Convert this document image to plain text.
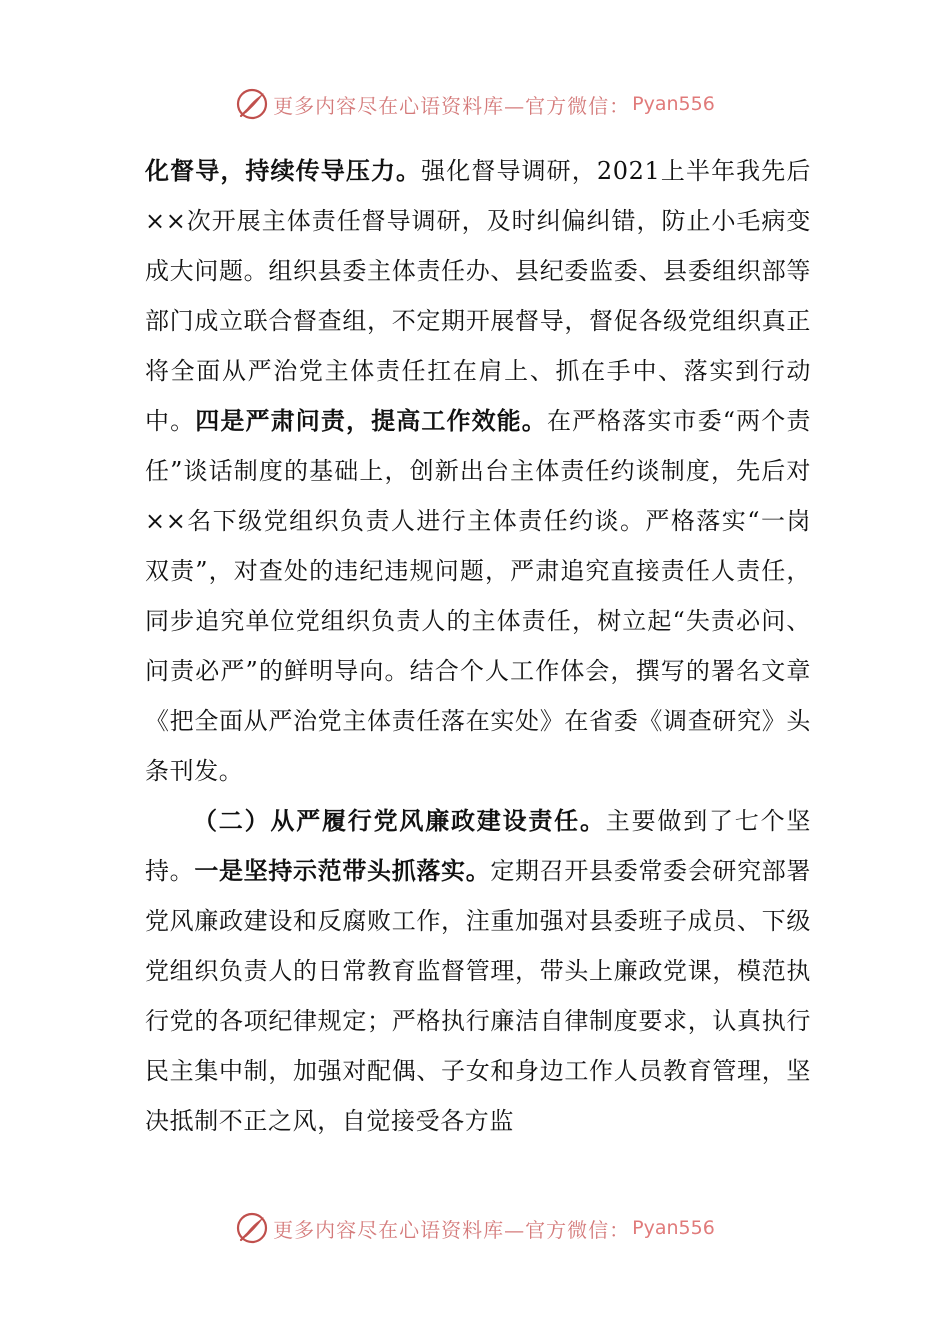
更多内容尽在心语资料库—官方微信： Pyan556

化督导，持续传导压力。强化督导调研，2021上半年我先后××次开展主体责任督导调研，及时纠偏纠错，防止小毛病变成大问题。组织县委主体责任办、县纪委监委、县委组织部等部门成立联合督查组，不定期开展督导，督促各级党组织真正将全面从严治党主体责任扛在肩上、抓在手中、落实到行动中。四是严肃问责，提高工作效能。在严格落实市委“两个责任”谈话制度的基础上，创新出台主体责任约谈制度，先后对××名下级党组织负责人进行主体责任约谈。严格落实“一岗双责”，对查处的违纪违规问题，严肃追究直接责任人责任，同步追究单位党组织负责人的主体责任，树立起“失责必问、问责必严”的鲜明导向。结合个人工作体会，撰写的署名文章《把全面从严治党主体责任落在实处》在省委《调查研究》头条刊发。

（二）从严履行党风廉政建设责任。主要做到了七个坚持。一是坚持示范带头抓落实。定期召开县委常委会研究部署党风廉政建设和反腐败工作，注重加强对县委班子成员、下级党组织负责人的日常教育监督管理，带头上廉政党课，模范执行党的各项纪律规定；严格执行廉洁自律制度要求，认真执行民主集中制，加强对配偶、子女和身边工作人员教育管理，坚决抵制不正之风，自觉接受各方监

更多内容尽在心语资料库—官方微信： Pyan556
